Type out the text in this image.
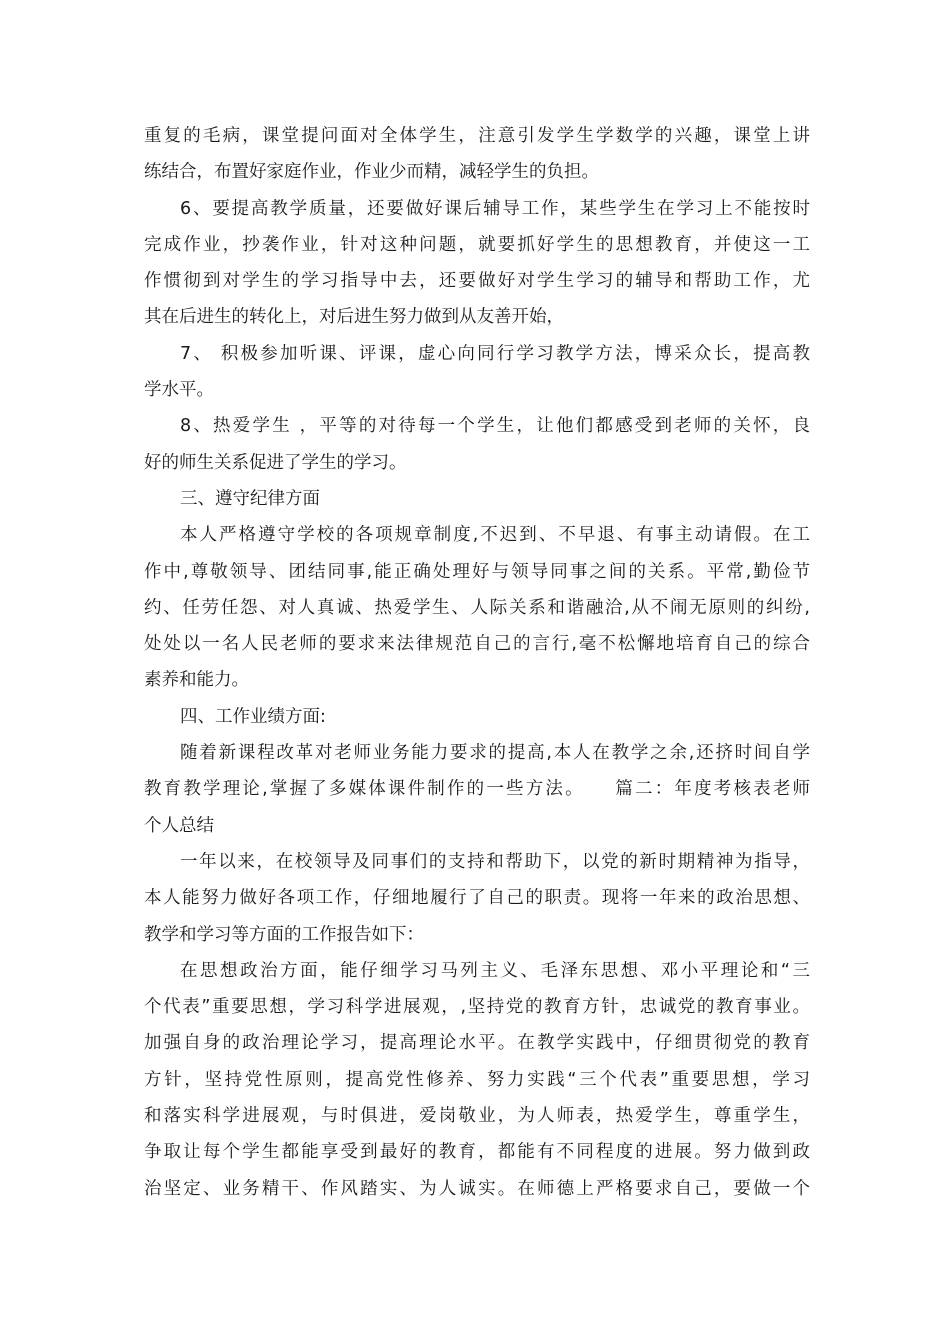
重复的毛病，课堂提问面对全体学生，注意引发学生学数学的兴趣，课堂上讲
练结合，布置好家庭作业，作业少而精，减轻学生的负担。
6、要提高教学质量，还要做好课后辅导工作，某些学生在学习上不能按时
完成作业，抄袭作业，针对这种问题，就要抓好学生的思想教育，并使这一工
作惯彻到对学生的学习指导中去，还要做好对学生学习的辅导和帮助工作，尤
其在后进生的转化上，对后进生努力做到从友善开始，
7、 积极参加听课、评课，虚心向同行学习教学方法，博采众长，提高教
学水平。
8、热爱学生 ，平等的对待每一个学生，让他们都感受到老师的关怀，良
好的师生关系促进了学生的学习。
三、遵守纪律方面
本人严格遵守学校的各项规章制度,不迟到、不早退、有事主动请假。在工
作中,尊敬领导、团结同事,能正确处理好与领导同事之间的关系。平常,勤俭节
约、任劳任怨、对人真诚、热爱学生、人际关系和谐融洽,从不闹无原则的纠纷,
处处以一名人民老师的要求来法律规范自己的言行,毫不松懈地培育自己的综合
素养和能力。
四、工作业绩方面:
随着新课程改革对老师业务能力要求的提高,本人在教学之余,还挤时间自学
教育教学理论,掌握了多媒体课件制作的一些方法。　　篇二：年度考核表老师
个人总结
一年以来，在校领导及同事们的支持和帮助下，以党的新时期精神为指导，
本人能努力做好各项工作，仔细地履行了自己的职责。现将一年来的政治思想、
教学和学习等方面的工作报告如下：
在思想政治方面，能仔细学习马列主义、毛泽东思想、邓小平理论和“三
个代表”重要思想，学习科学进展观，,坚持党的教育方针，忠诚党的教育事业。
加强自身的政治理论学习，提高理论水平。在教学实践中，仔细贯彻党的教育
方针，坚持党性原则，提高党性修养、努力实践“三个代表”重要思想，学习
和落实科学进展观，与时俱进，爱岗敬业，为人师表，热爱学生，尊重学生，
争取让每个学生都能享受到最好的教育，都能有不同程度的进展。努力做到政
治坚定、业务精干、作风踏实、为人诚实。在师德上严格要求自己，要做一个
